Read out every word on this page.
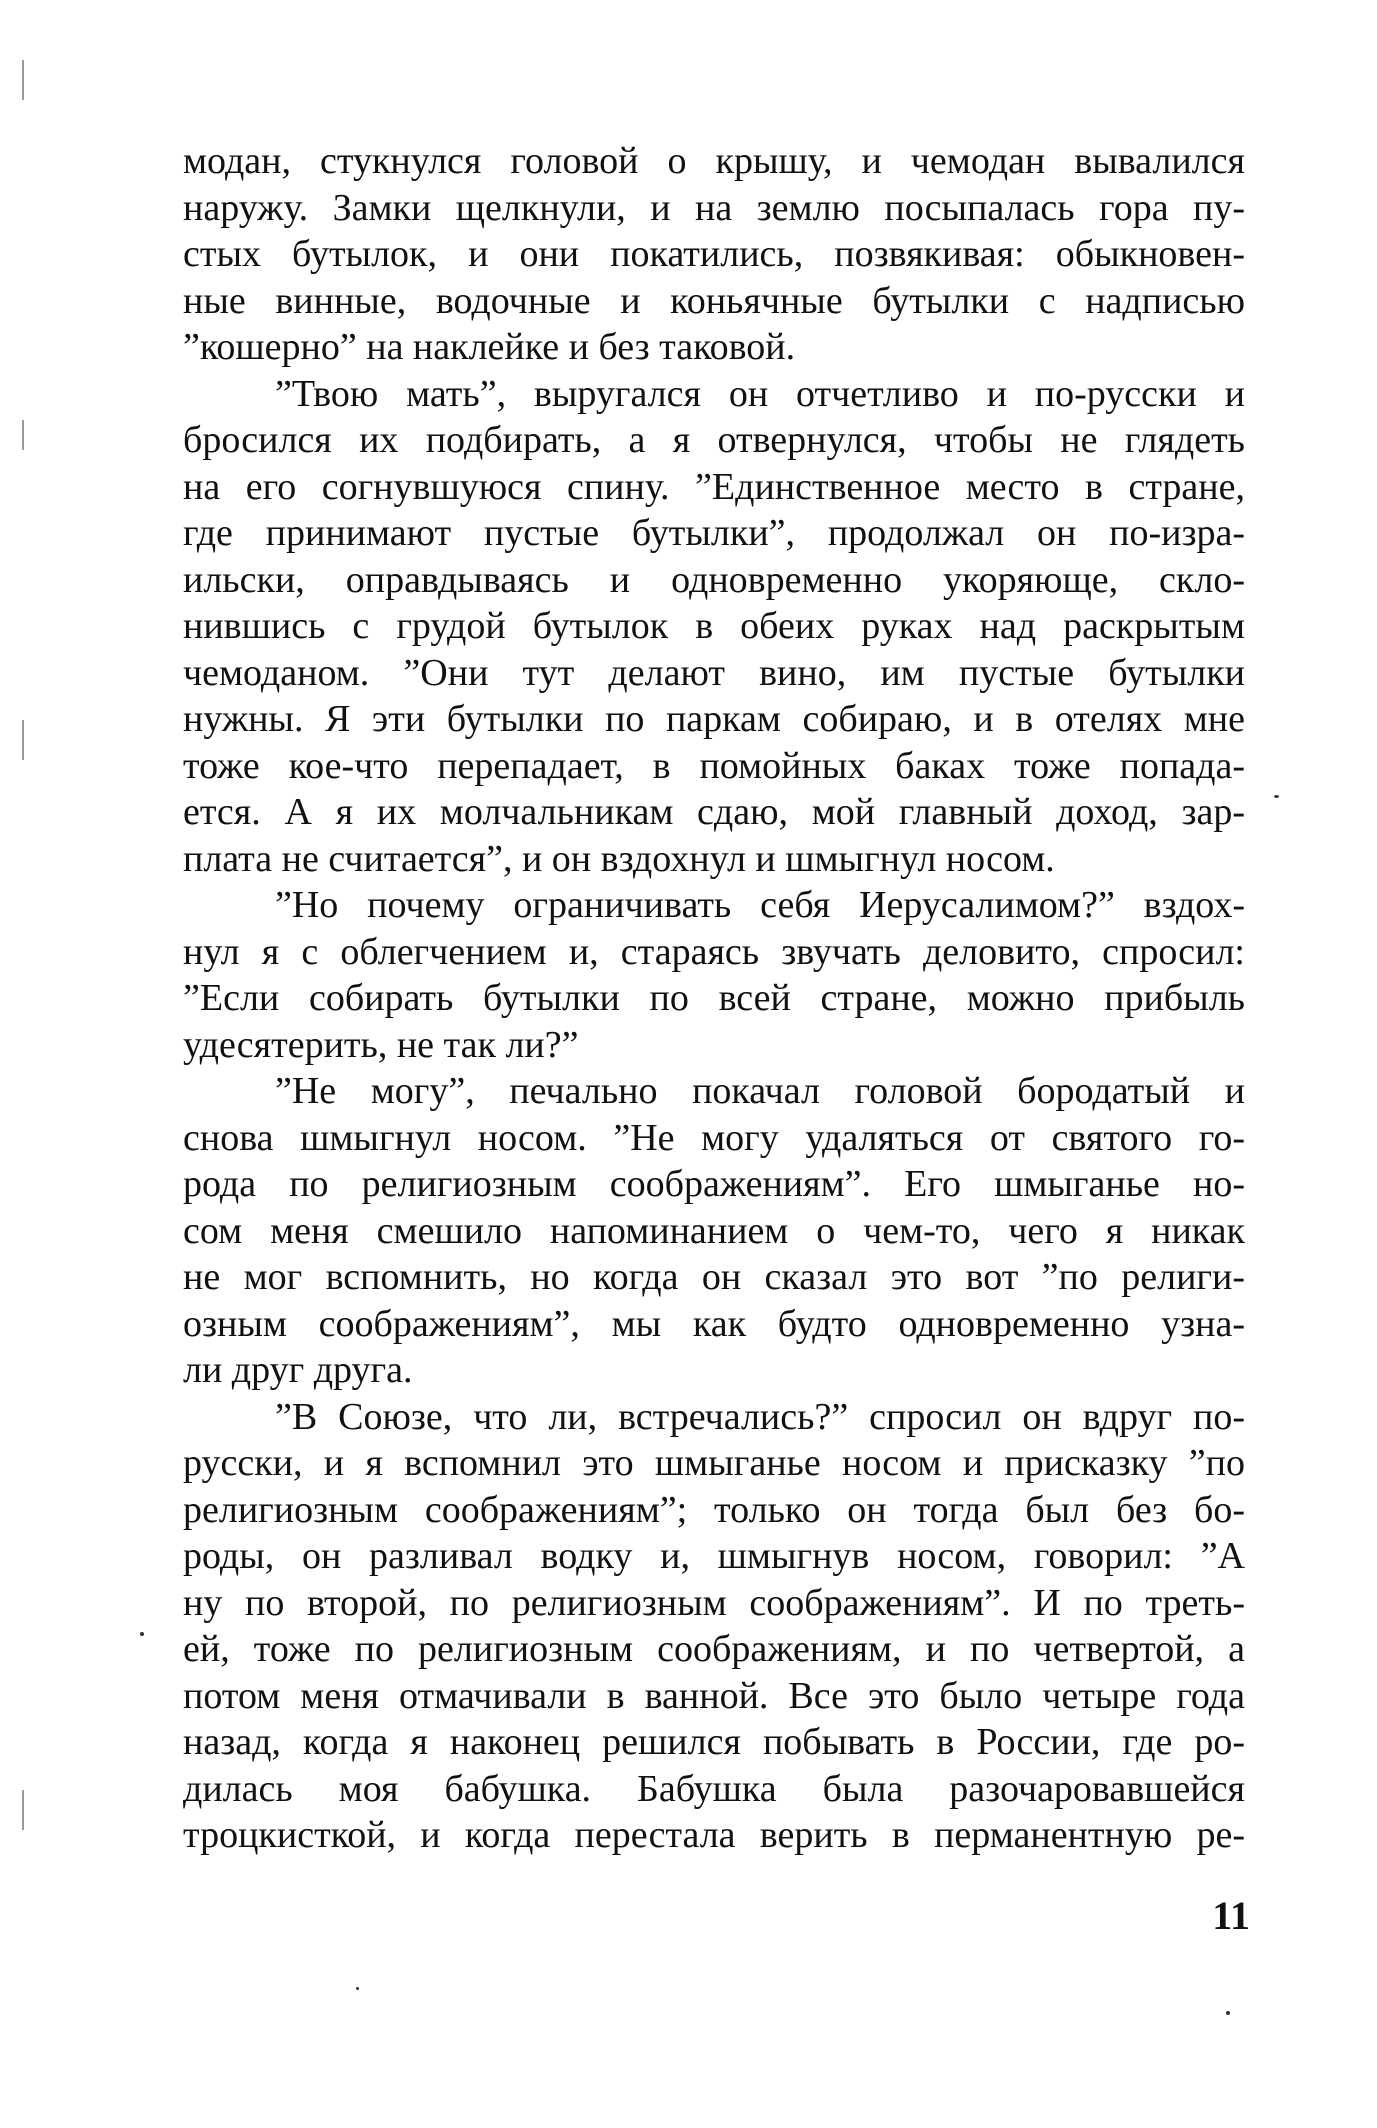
модан, стукнулся головой о крышу, и чемодан вывалился
наружу. Замки щелкнули, и на землю посыпалась гора пу-
стых бутылок, и они покатились, позвякивая: обыкновен-
ные винные, водочные и коньячные бутылки с надписью
”кошерно” на наклейке и без таковой.
”Твою мать”, выругался он отчетливо и по-русски и
бросился их подбирать, а я отвернулся, чтобы не глядеть
на его согнувшуюся спину. ”Единственное место в стране,
где принимают пустые бутылки”, продолжал он по-изра-
ильски, оправдываясь и одновременно укоряюще, скло-
нившись с грудой бутылок в обеих руках над раскрытым
чемоданом. ”Они тут делают вино, им пустые бутылки
нужны. Я эти бутылки по паркам собираю, и в отелях мне
тоже кое-что перепадает, в помойных баках тоже попада-
ется. А я их молчальникам сдаю, мой главный доход, зар-
плата не считается”, и он вздохнул и шмыгнул носом.
”Но почему ограничивать себя Иерусалимом?” вздох-
нул я с облегчением и, стараясь звучать деловито, спросил:
”Если собирать бутылки по всей стране, можно прибыль
удесятерить, не так ли?”
”Не могу”, печально покачал головой бородатый и
снова шмыгнул носом. ”Не могу удаляться от святого го-
рода по религиозным соображениям”. Его шмыганье но-
сом меня смешило напоминанием о чем-то, чего я никак
не мог вспомнить, но когда он сказал это вот ”по религи-
озным соображениям”, мы как будто одновременно узна-
ли друг друга.
”В Союзе, что ли, встречались?” спросил он вдруг по-
русски, и я вспомнил это шмыганье носом и присказку ”по
религиозным соображениям”; только он тогда был без бо-
роды, он разливал водку и, шмыгнув носом, говорил: ”А
ну по второй, по религиозным соображениям”. И по треть-
ей, тоже по религиозным соображениям, и по четвертой, а
потом меня отмачивали в ванной. Все это было четыре года
назад, когда я наконец решился побывать в России, где ро-
дилась моя бабушка. Бабушка была разочаровавшейся
троцкисткой, и когда перестала верить в перманентную ре-
11
